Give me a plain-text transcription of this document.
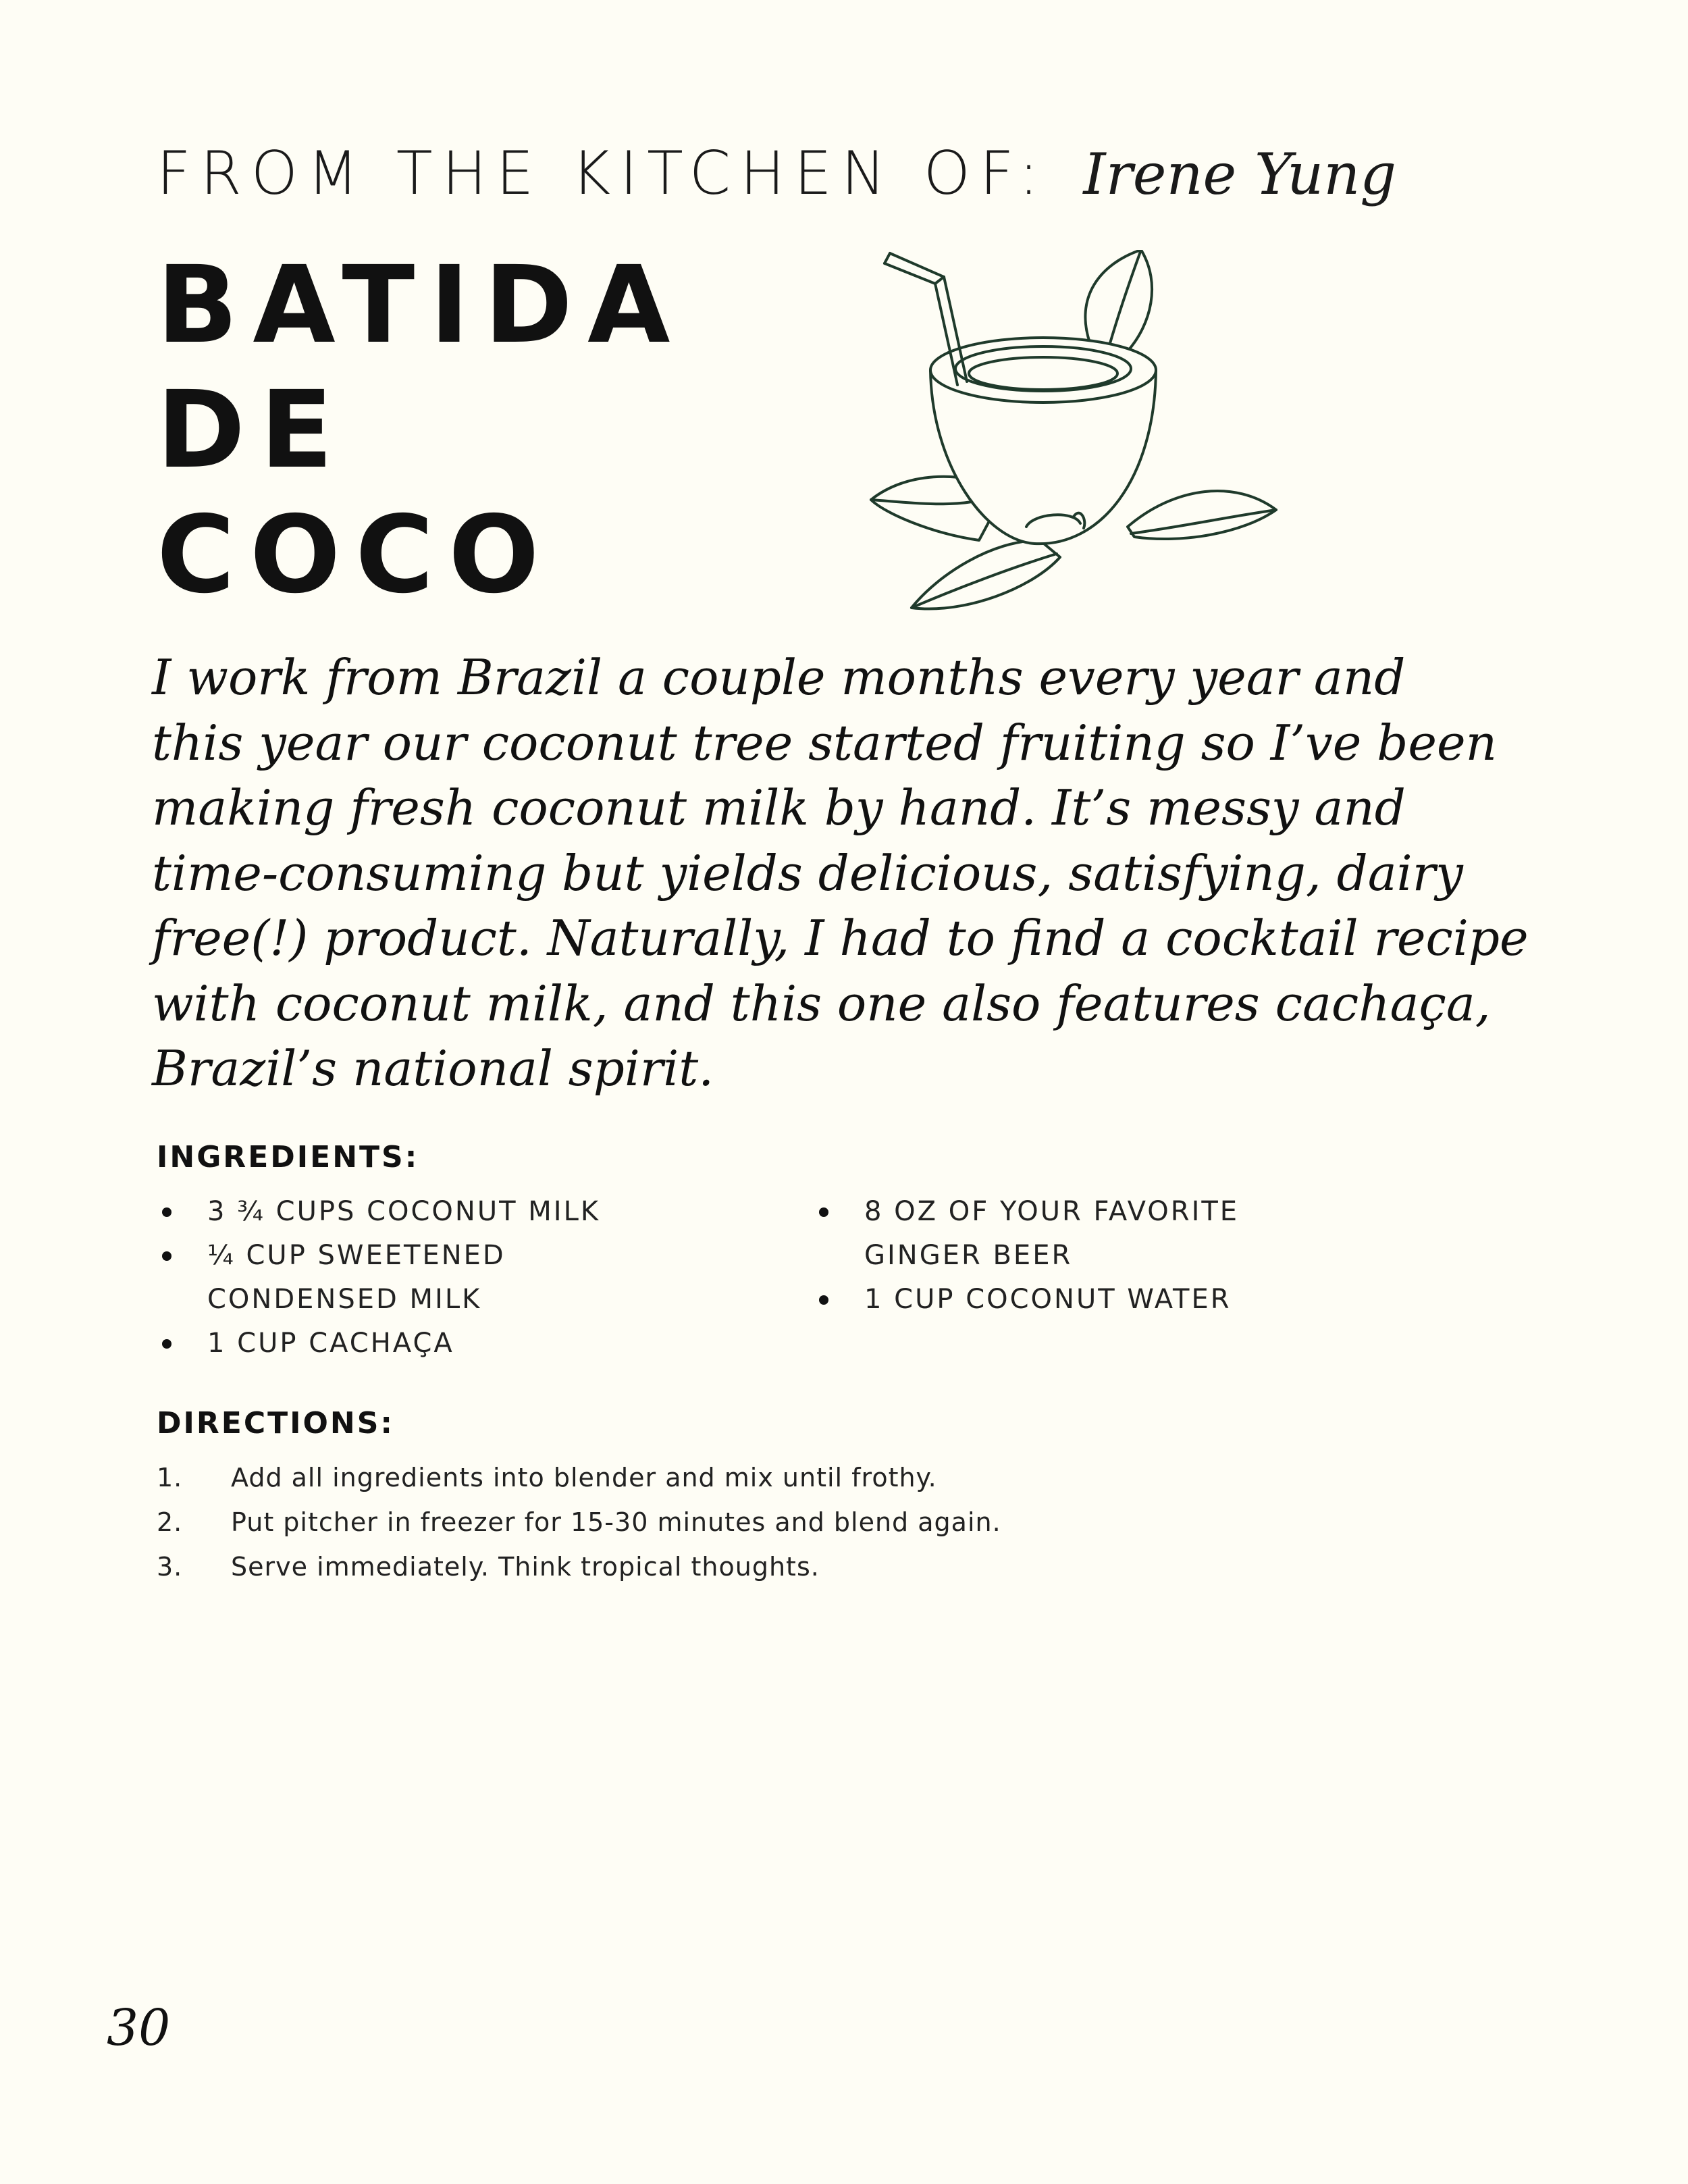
FROM THE KITCHEN OF: Irene Yung
BATIDA
DE
COCO
I work from Brazil a couple months every year and
this year our coconut tree started fruiting so I’ve been
making fresh coconut milk by hand. It’s messy and
time-consuming but yields delicious, satisfying, dairy
free(!) product. Naturally, I had to find a cocktail recipe
with coconut milk, and this one also features cachaça,
Brazil’s national spirit.
INGREDIENTS:
3 ¾ CUPS COCONUT MILK
¼ CUP SWEETENED CONDENSED MILK
1 CUP CACHAÇA
8 OZ OF YOUR FAVORITE GINGER BEER
1 CUP COCONUT WATER
DIRECTIONS:
1. Add all ingredients into blender and mix until frothy.
2. Put pitcher in freezer for 15-30 minutes and blend again.
3. Serve immediately. Think tropical thoughts.
30
